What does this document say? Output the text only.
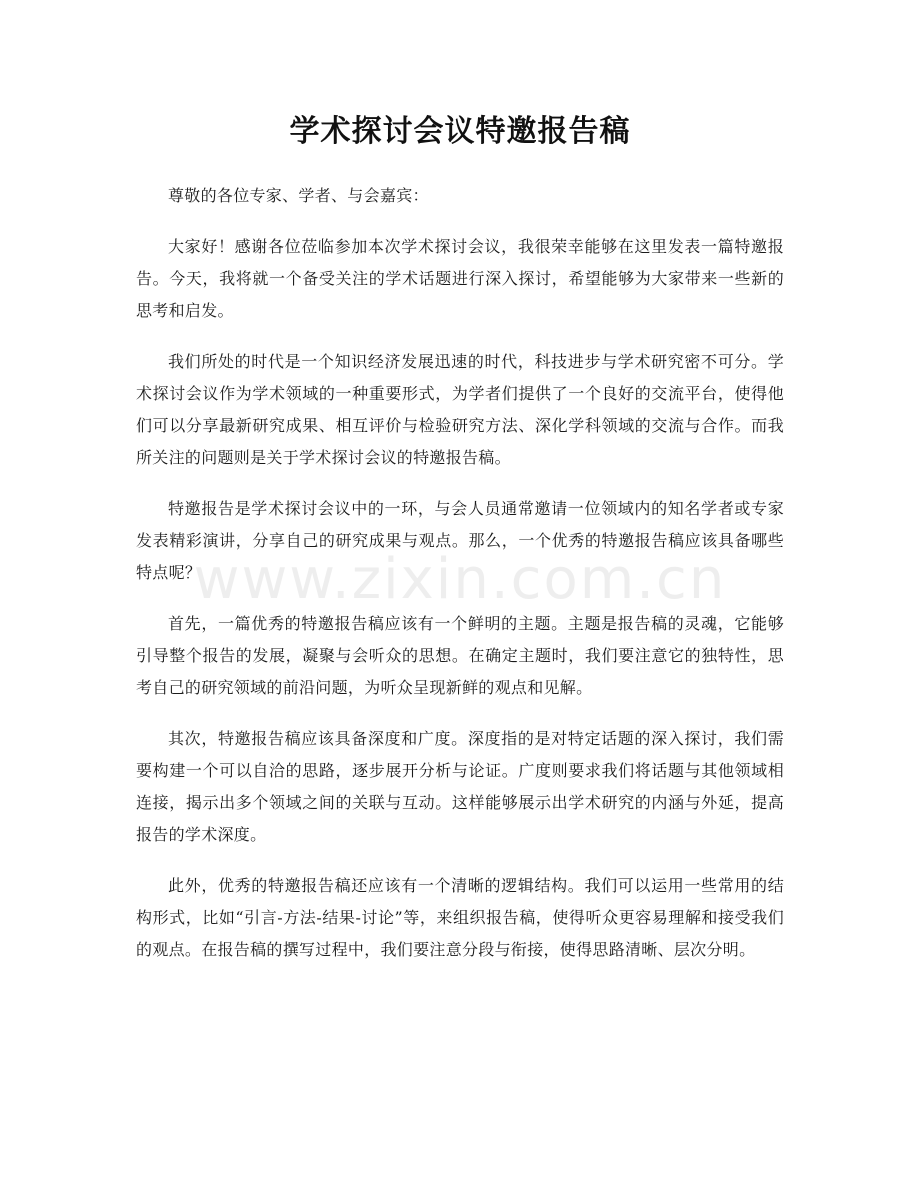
学术探讨会议特邀报告稿

尊敬的各位专家、学者、与会嘉宾：

大家好！感谢各位莅临参加本次学术探讨会议，我很荣幸能够在这里发表一篇特邀报告。今天，我将就一个备受关注的学术话题进行深入探讨，希望能够为大家带来一些新的思考和启发。

我们所处的时代是一个知识经济发展迅速的时代，科技进步与学术研究密不可分。学术探讨会议作为学术领域的一种重要形式，为学者们提供了一个良好的交流平台，使得他们可以分享最新研究成果、相互评价与检验研究方法、深化学科领域的交流与合作。而我所关注的问题则是关于学术探讨会议的特邀报告稿。

特邀报告是学术探讨会议中的一环，与会人员通常邀请一位领域内的知名学者或专家发表精彩演讲，分享自己的研究成果与观点。那么，一个优秀的特邀报告稿应该具备哪些特点呢？

首先，一篇优秀的特邀报告稿应该有一个鲜明的主题。主题是报告稿的灵魂，它能够引导整个报告的发展，凝聚与会听众的思想。在确定主题时，我们要注意它的独特性，思考自己的研究领域的前沿问题，为听众呈现新鲜的观点和见解。

其次，特邀报告稿应该具备深度和广度。深度指的是对特定话题的深入探讨，我们需要构建一个可以自洽的思路，逐步展开分析与论证。广度则要求我们将话题与其他领域相连接，揭示出多个领域之间的关联与互动。这样能够展示出学术研究的内涵与外延，提高报告的学术深度。

此外，优秀的特邀报告稿还应该有一个清晰的逻辑结构。我们可以运用一些常用的结构形式，比如“引言-方法-结果-讨论”等，来组织报告稿，使得听众更容易理解和接受我们的观点。在报告稿的撰写过程中，我们要注意分段与衔接，使得思路清晰、层次分明。

www.zixin.com.cn
